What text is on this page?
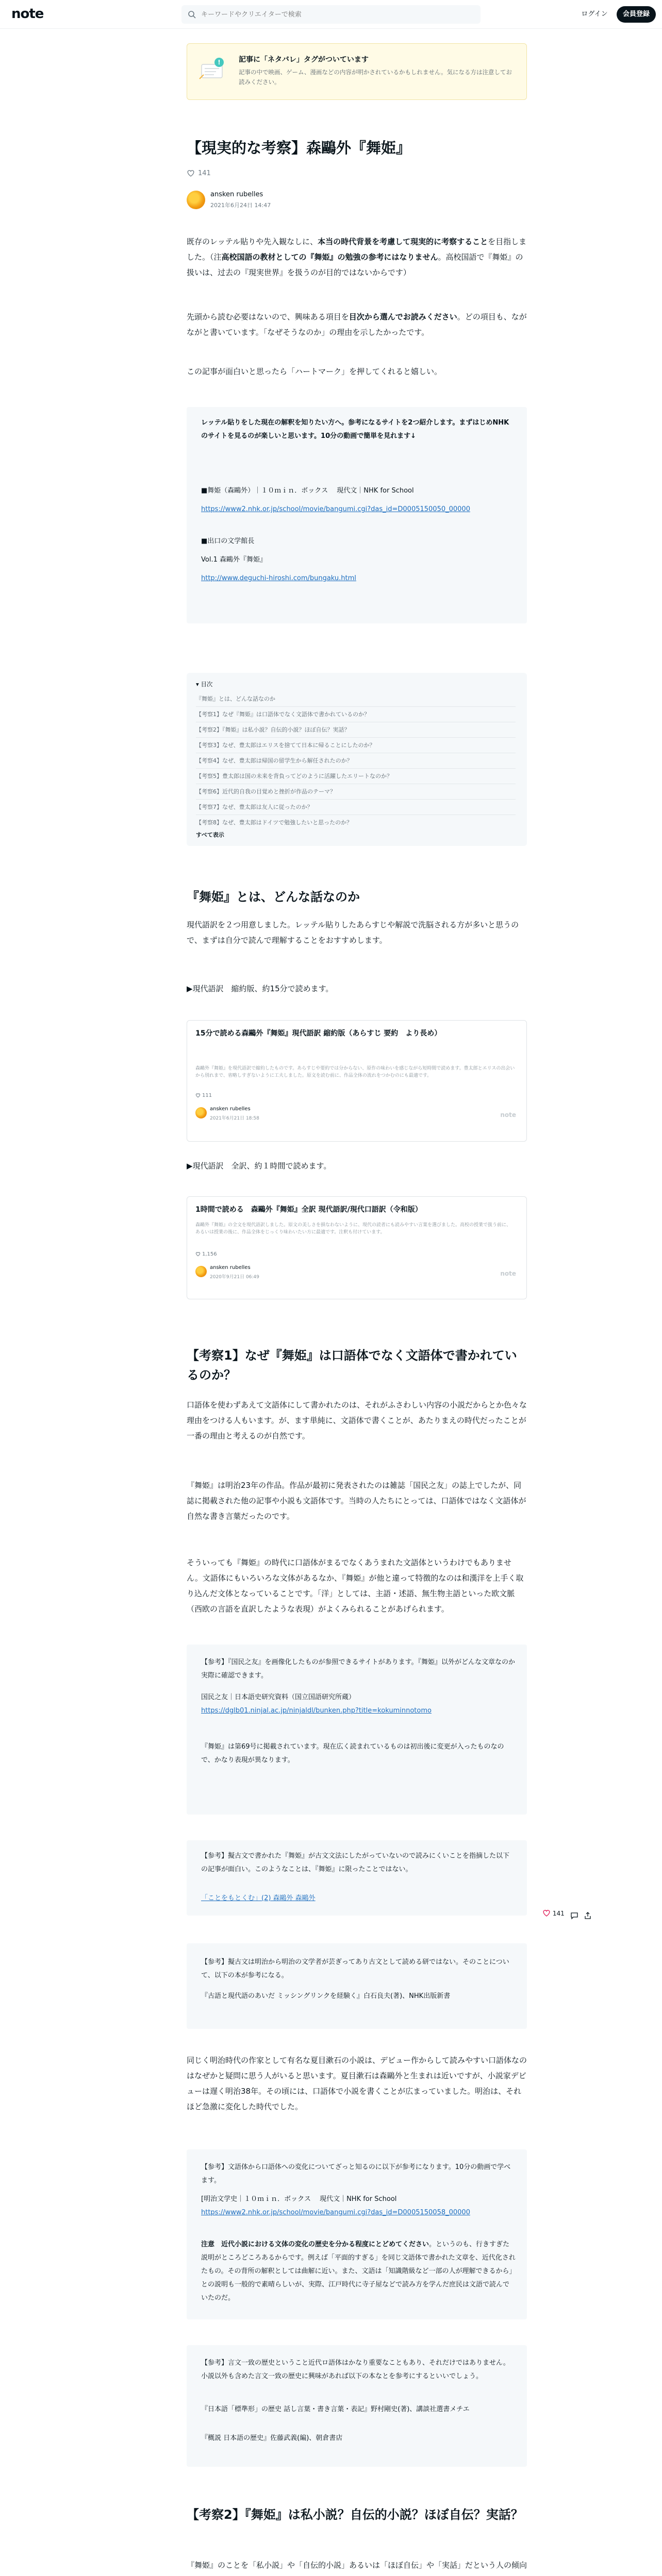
note
キーワードやクリエイターで検索	ログイン	会員登録
!	記事に「ネタバレ」タグがついています
記事の中で映画、ゲーム、漫画などの内容が明かされているかもしれません。気になる方は注意してお読みください。
【現実的な考察】森鷗外『舞姫』
141
ansken rubelles
2021年6月24日 14:47
既存のレッテル貼りや先入観なしに、本当の時代背景を考慮して現実的に考察することを目指しました。（注高校国語の教材としての『舞姫』の勉強の参考にはなりません。高校国語で『舞姫』の扱いは、过去の『現実世界』を扱うのが目的ではないからです）
先頭から読む必要はないので、興味ある項目を目次から選んでお読みください。どの項目も、ながながと書いています。「なぜそうなのか」の理由を示したかったです。
この記事が面白いと思ったら「ハートマーク」を押してくれると嬉しい。
レッテル貼りをした現在の解釈を知りたい方へ。参考になるサイトを2つ紹介します。まずはじめNHKのサイトを見るのが楽しいと思います。10分の動画で簡単を見れます↓
■舞姫（森鷗外）｜１０ｍｉｎ．ボックス　 現代文｜NHK for School
https://www2.nhk.or.jp/school/movie/bangumi.cgi?das_id=D0005150050_00000
■出口の文学館長
Vol.1 森鷗外『舞姫』
http://www.deguchi-hiroshi.com/bungaku.html
▾ 目次
『舞姫』とは、どんな話なのか
【考察1】なぜ『舞姫』は口語体でなく文語体で書かれているのか？
【考察2】『舞姫』は私小説？自伝的小説？ほぼ自伝？実話？
【考察3】なぜ、豊太郎はエリスを捨てて日本に帰ることにしたのか？
【考察4】なぜ、豊太郎は帰国の留学生から解任されたのか？
【考察5】豊太郎は国の未来を背負ってどのように活躍したエリートなのか？
【考察6】近代的自我の目覚めと挫折が作品のテーマ？
【考察7】なぜ、豊太郎は友人に従ったのか？
【考察8】なぜ、豊太郎はドイツで勉強したいと思ったのか？
すべて表示
『舞姫』とは、どんな話なのか
現代語訳を２つ用意しました。レッテル貼りしたあらすじや解説で洗脳される方が多いと思うので、まずは自分で読んで理解することをおすすめします。
▶現代語訳　縮約版、約15分で読めます。
15分で読める森鷗外『舞姫』現代語訳 縮約版（あらすじ 要約　より長め）
森鷗外『舞姫』を現代語訳で縮約したものです。あらすじや要約では分からない、原作の味わいを感じながら短時間で読めます。豊太郎とエリスの出会いから別れまで、省略しすぎないように工夫しました。原文を読む前に、作品全体の流れをつかむのにも最適です。
111
ansken rubelles
2021年6月21日 18:58	note
▶現代語訳　全訳、約１時間で読めます。
1時間で読める　森鷗外『舞姫』全訳 現代語訳/現代口語訳（令和版）
森鷗外『舞姫』の全文を現代語訳しました。原文の美しさを損なわないように、現代の読者にも読みやすい言葉を選びました。高校の授業で扱う前に、あるいは授業の後に、作品全体をじっくり味わいたい方に最適です。注釈も付けています。
1,156
ansken rubelles
2020年9月21日 06:49	note
【考察1】なぜ『舞姫』は口語体でなく文語体で書かれているのか？
口語体を使わずあえて文語体にして書かれたのは、それがふさわしい内容の小説だからとか色々な理由をつける人もいます。が、ます単純に、文語体で書くことが、あたりまえの時代だったことが一番の理由と考えるのが自然です。
『舞姫』は明治23年の作品。作品が最初に発表されたのは雑誌「国民之友」の誌上でしたが、同誌に掲載された他の記事や小説も文語体です。当時の人たちにとっては、口語体ではなく文語体が自然な書き言葉だったのです。
そういっても『舞姫』の時代に口語体がまるでなくあうまれた文語体というわけでもありません。文語体にもいろいろな文体があるなか、『舞姫』が他と違って特徴的なのは和漢洋を上手く取り込んだ文体となっていることです。「洋」としては、主語・述語、無生物主語といった欧文脈（西欧の言語を直訳したような表現）がよくみられることがあげられます。
【参考】『国民之友』を画像化したものが参照できるサイトがあります。『舞姫』以外がどんな文章なのか実際に確認できます。
国民之友｜日本語史研究資料（国立国語研究所蔵）
https://dglb01.ninjal.ac.jp/ninjaldl/bunken.php?title=kokuminnotomo
『舞姫』は第69号に掲載されています。現在広く読まれているものは初出後に変更が入ったものなので、かなり表現が異なります。
【参考】擬古文で書かれた『舞姫』が古文文法にしたがっていないので読みにくいことを指摘した以下の記事が面白い。このようなことは、『舞姫』に限ったことではない。
「ことをもとくむ」(2) 森鷗外 森鷗外
【参考】擬古文は明治から明治の文学者が芸ぎってあり古文として読める研ではない。そのことについて、以下の本が参考になる。
『古語と現代語のあいだ ミッシングリンクを経験く』白石良夫(著)、NHK出版新書
同じく明治時代の作家として有名な夏目漱石の小説は、デビュー作からして読みやすい口語体なのはなぜかと疑問に思う人がいると思います。夏目漱石は森鷗外と生まれは近いですが、小説家デビューは遅く明治38年。その頃には、口語体で小説を書くことが広まっていました。明治は、それほど急激に変化した時代でした。
【参考】文語体から口語体への変化についてざっと知るのに以下が参考になります。10分の動画で学べます。
[明治文学史｜１０ｍｉｎ．ボックス　 現代文｜NHK for School
https://www2.nhk.or.jp/school/movie/bangumi.cgi?das_id=D0005150058_00000
注意　近代小説における文体の変化の歴史を分かる程度にとどめてください。というのも、行きすぎた説明がところどころあるからです。例えば「平面的すぎる」を同じ文語体で書かれた文章を、近代化されたもの。その背所の解釈としては曲解に近い。また、文語は「知識階級など一部の人が理解できるから」との説明も一般的で素晴らしいが、実際、江戸時代に寺子屋などで読み方を学んだ庶民は文語で読んでいたのだ。
【参考】言文一致の歴史ということ近代ロ語体はかなり重要なこともあり、それだけではありません。小説以外も含めた言文一致の歴史に興味があれば以下の本なとを参考にするといいでしょう。
『日本語「標準形」の歴史 話し言葉・書き言葉・表記』野村剛史(著)、講談社選書メチエ
『概説 日本語の歴史』佐藤武義(編)、朝倉書店
【考察2】『舞姫』は私小説？自伝的小説？ほぼ自伝？実話？
『舞姫』のことを「私小説」や「自伝的小説」あるいは「ほぼ自伝」や「実話」だという人の傾向
141
